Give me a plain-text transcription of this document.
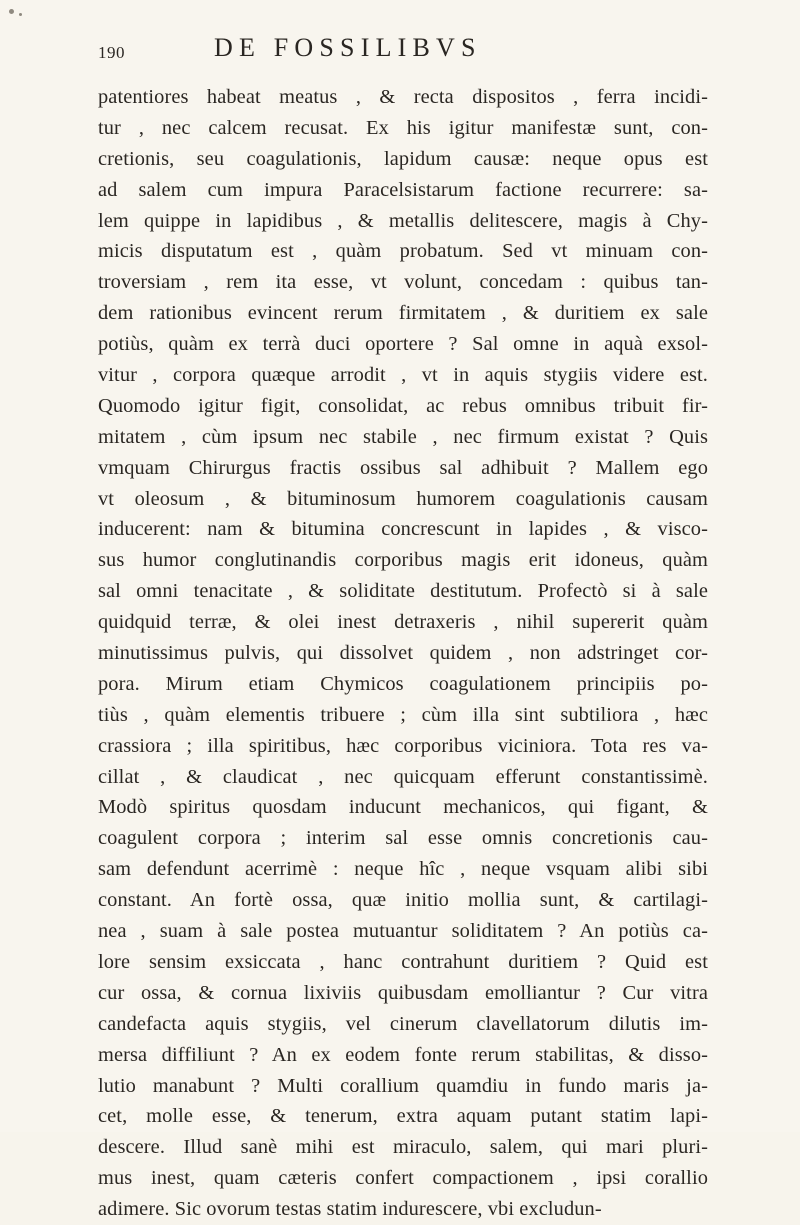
190	DE FOSSILIBVS
patentiores habeat meatus , & recta dispositos , ferra incidi-
tur , nec calcem recusat. Ex his igitur manifestæ sunt, con-
cretionis, seu coagulationis, lapidum causæ: neque opus est
ad salem cum impura Paracelsistarum factione recurrere: sa-
lem quippe in lapidibus , & metallis delitescere, magis à Chy-
micis disputatum est , quàm probatum. Sed vt minuam con-
troversiam , rem ita esse, vt volunt, concedam : quibus tan-
dem rationibus evincent rerum firmitatem , & duritiem ex sale
potiùs, quàm ex terrà duci oportere ? Sal omne in aquà exsol-
vitur , corpora quæque arrodit , vt in aquis stygiis videre est.
Quomodo igitur figit, consolidat, ac rebus omnibus tribuit fir-
mitatem , cùm ipsum nec stabile , nec firmum existat ? Quis
vmquam Chirurgus fractis ossibus sal adhibuit ? Mallem ego
vt oleosum , & bituminosum humorem coagulationis causam
inducerent: nam & bitumina concrescunt in lapides , & visco-
sus humor conglutinandis corporibus magis erit idoneus, quàm
sal omni tenacitate , & soliditate destitutum. Profectò si à sale
quidquid terræ, & olei inest detraxeris , nihil supererit quàm
minutissimus pulvis, qui dissolvet quidem , non adstringet cor-
pora. Mirum etiam Chymicos coagulationem principiis po-
tiùs , quàm elementis tribuere ; cùm illa sint subtiliora , hæc
crassiora ; illa spiritibus, hæc corporibus viciniora. Tota res va-
cillat , & claudicat , nec quicquam efferunt constantissimè.
Modò spiritus quosdam inducunt mechanicos, qui figant, &
coagulent corpora ; interim sal esse omnis concretionis cau-
sam defendunt acerrimè : neque hîc , neque vsquam alibi sibi
constant. An fortè ossa, quæ initio mollia sunt, & cartilagi-
nea , suam à sale postea mutuantur soliditatem ? An potiùs ca-
lore sensim exsiccata , hanc contrahunt duritiem ? Quid est
cur ossa, & cornua lixiviis quibusdam emolliantur ? Cur vitra
candefacta aquis stygiis, vel cinerum clavellatorum dilutis im-
mersa diffiliunt ? An ex eodem fonte rerum stabilitas, & disso-
lutio manabunt ? Multi corallium quamdiu in fundo maris ja-
cet, molle esse, & tenerum, extra aquam putant statim lapi-
descere. Illud sanè mihi est miraculo, salem, qui mari pluri-
mus inest, quam cæteris confert compactionem , ipsi corallio
adimere. Sic ovorum testas statim indurescere, vbi excludun-
